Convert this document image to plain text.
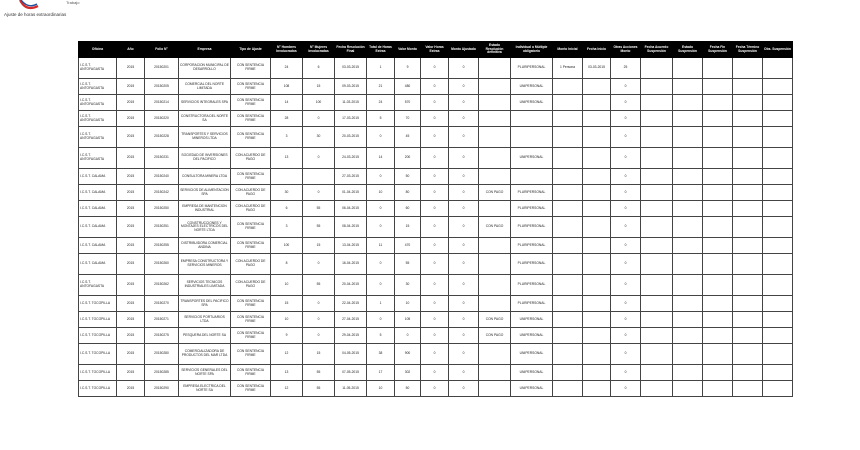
Trabajo
Ajuste de horas extraordinarias
Oficina	Año	Folio N°	Empresa	Tipo de Ajuste	N° Hombres Involucrados	N° Mujeres Involucradas	Fecha Resolución Final	Total de Horas Extras	Valor Monto	Valor Horas Extras	Monto Ajustado	Estado Resolución definitiva	Individual o Múltiple obligatorio	Monto Inicial	Fecha Inicio	Otras Acciones Monto	Fecha Acuerdo Suspensión	Estado Suspensión	Fecha Fin Suspensión	Fecha Término Suspensión	Obs. Suspensión
I.C.S.T. ANTOFAGASTA	2015	20150201	CORPORACION MUNICIPAL DE DESARROLLO	CON SENTENCIA FIRME	24	6	03-03-2015	1	9	0	0		PLURIPERSONAL	1 Persona	03-03-2015	25					
I.C.S.T. ANTOFAGASTA	2015	20150205	COMERCIAL DEL NORTE LIMITADA	CON SENTENCIA FIRME	108	15	09-03-2015	21	480	0	0		UNIPERSONAL			0					
I.C.S.T. ANTOFAGASTA	2015	20150214	SERVICIOS INTEGRALES SPA	CON SENTENCIA FIRME	14	100	11-03-2015	24	570	0	0		UNIPERSONAL			0					
I.C.S.T. ANTOFAGASTA	2015	20150220	CONSTRUCTORA DEL NORTE SA	CON SENTENCIA FIRME	28	0	17-03-2015	5	70	0	0					0					
I.C.S.T. ANTOFAGASTA	2015	20150228	TRANSPORTES Y SERVICIOS MINEROS LTDA	CON SENTENCIA FIRME	3	30	20-03-2015	0	45	0	0					0					
I.C.S.T. ANTOFAGASTA	2015	20150231	SOCIEDAD DE INVERSIONES DEL PACIFICO	CON ACUERDO DE PAGO	13	0	24-03-2015	14	200	0	0		UNIPERSONAL			0					
I.C.S.T. CALAMA	2015	20150240	CONSULTORA MINERA LTDA	CON SENTENCIA FIRME			27-03-2015	0	50	0	0					0					
I.C.S.T. CALAMA	2015	20150242	SERVICIOS DE ALIMENTACION SPA	CON ACUERDO DE PAGO	30	0	01-04-2015	10	80	0	0	CON PAGO	PLURIPERSONAL			0					
I.C.S.T. CALAMA	2015	20150250	EMPRESA DE MANTENCION INDUSTRIAL	CON ACUERDO DE PAGO	6	55	06-04-2015	0	60	0	0		PLURIPERSONAL			0					
I.C.S.T. CALAMA	2015	20150251	CONSTRUCCIONES Y MONTAJES ELECTRICOS DEL NORTE LTDA	CON SENTENCIA FIRME	3	55	08-04-2015	0	15	0	0	CON PAGO	PLURIPERSONAL			0					
I.C.S.T. CALAMA	2015	20150255	DISTRIBUIDORA COMERCIAL ANDINA	CON SENTENCIA FIRME	100	15	13-04-2015	11	470	0	0		PLURIPERSONAL			0					
I.C.S.T. CALAMA	2015	20150260	EMPRESA CONSTRUCTORA Y SERVICIOS MINEROS	CON ACUERDO DE PAGO	8	0	16-04-2015	0	55	0	0		PLURIPERSONAL			0					
I.C.S.T. ANTOFAGASTA	2015	20150262	SERVICIOS TECNICOS INDUSTRIALES LIMITADA	CON ACUERDO DE PAGO	10	55	20-04-2015	0	30	0	0		PLURIPERSONAL			0					
I.C.S.T. TOCOPILLA	2015	20150270	TRANSPORTES DEL PACIFICO SPA	CON SENTENCIA FIRME	15	0	22-04-2015	1	10	0	0		PLURIPERSONAL			0					
I.C.S.T. TOCOPILLA	2015	20150271	SERVICIOS PORTUARIOS LTDA	CON SENTENCIA FIRME	10	0	27-04-2015	0	105	0	0	CON PAGO	UNIPERSONAL			0					
I.C.S.T. TOCOPILLA	2015	20150275	PESQUERA DEL NORTE SA	CON SENTENCIA FIRME	9	0	29-04-2015	5	0	0	0	CON PAGO	UNIPERSONAL			0					
I.C.S.T. TOCOPILLA	2015	20150280	COMERCIALIZADORA DE PRODUCTOS DEL MAR LTDA	CON SENTENCIA FIRME	12	15	04-05-2015	38	900	0	0		UNIPERSONAL			0					
I.C.S.T. TOCOPILLA	2015	20150285	SERVICIOS GENERALES DEL NORTE SPA	CON SENTENCIA FIRME	13	55	07-05-2015	17	302	0	0		UNIPERSONAL			0					
I.C.S.T. TOCOPILLA	2015	20150290	EMPRESA ELECTRICA DEL NORTE SA	CON SENTENCIA FIRME	12	55	11-05-2015	10	50	0	0		UNIPERSONAL			0					
